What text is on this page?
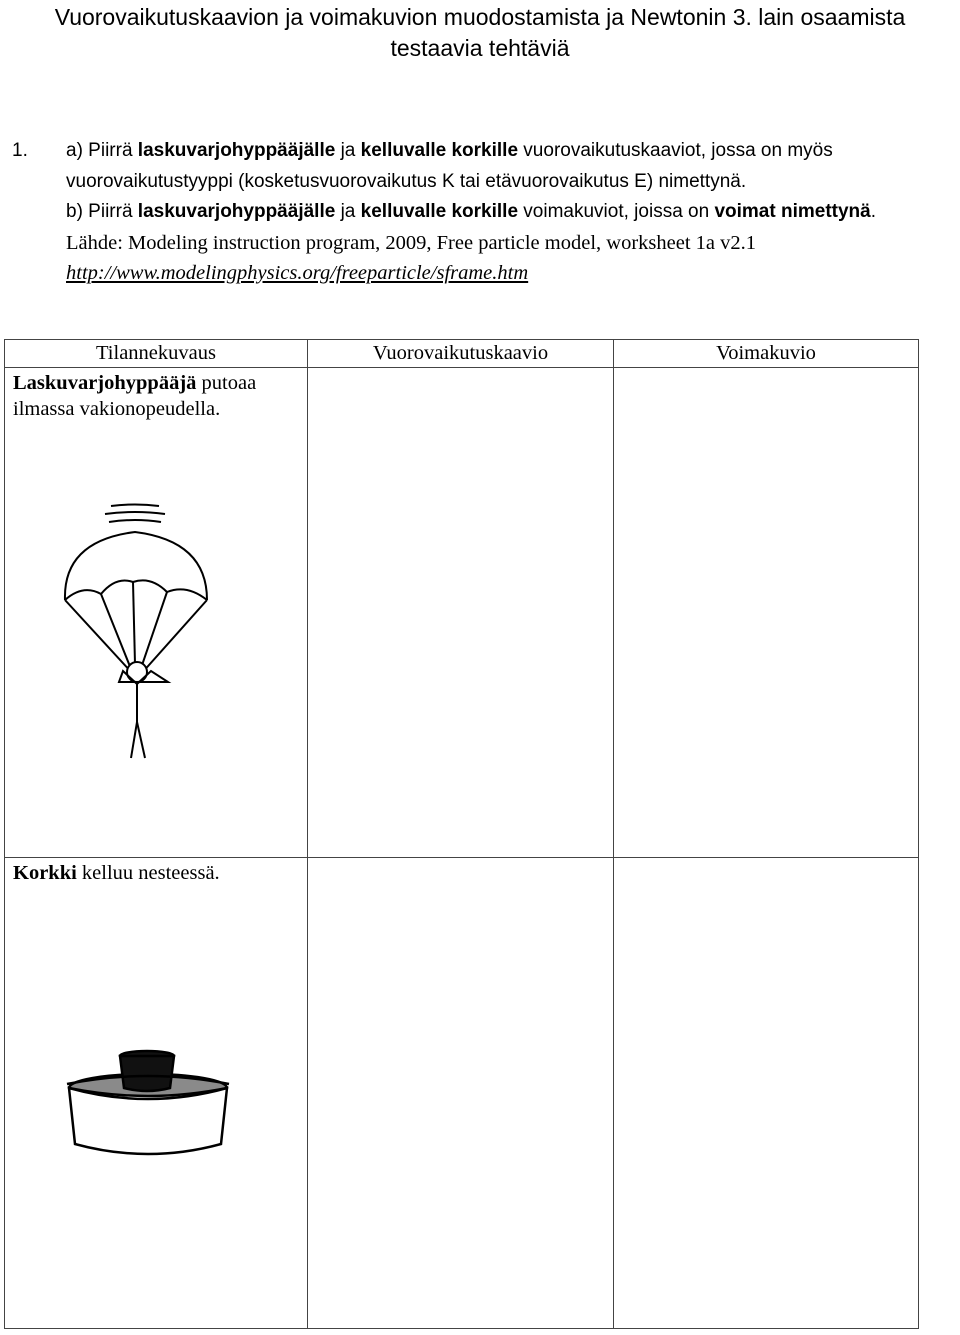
Vuorovaikutuskaavion ja voimakuvion muodostamista ja Newtonin 3. lain osaamista testaavia tehtäviä
1. a) Piirrä laskuvarjohyppääjälle ja kelluvalle korkille vuorovaikutuskaaviot, jossa on myös
vuorovaikutustyyppi (kosketusvuorovaikutus K tai etävuorovaikutus E) nimettynä.
b) Piirrä laskuvarjohyppääjälle ja kelluvalle korkille voimakuviot, joissa on voimat nimettynä.
Lähde: Modeling instruction program, 2009, Free particle model, worksheet 1a v2.1
http://www.modelingphysics.org/freeparticle/sframe.htm
Tilannekuvaus	Vuorovaikutuskaavio	Voimakuvio

Laskuvarjohyppääjä putoaa
ilmassa vakionopeudella.		

Korkki kelluu nesteessä.		
